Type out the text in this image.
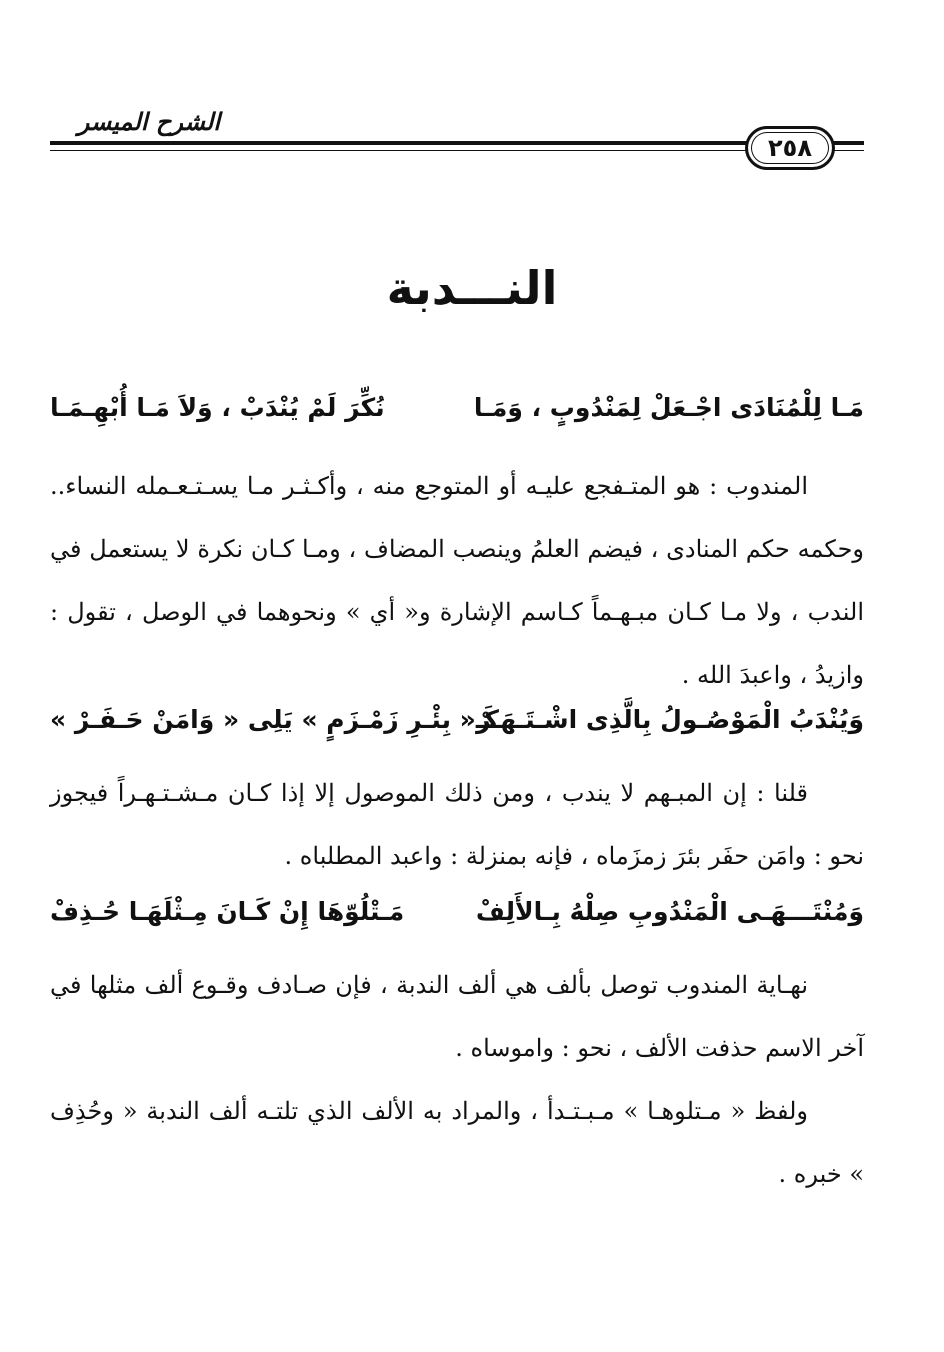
الشرح الميسر
٢٥٨
النـــدبة
مَـا لِلْمُنَادَى اجْـعَلْ لِمَنْدُوبٍ ، وَمَـا
نُكِّرَ لَمْ يُنْدَبْ ، وَلاَ مَـا أُبْهِـمَـا

المندوب : هو المتـفجع عليـه أو المتوجع منه ، وأكـثـر مـا يسـتـعـمله النساء.. وحكمه حكم المنادى ، فيضم العلمُ وينصب المضاف ، ومـا كـان نكرة لا يستعمل في الندب ، ولا مـا كـان مبـهـماً كـاسم الإشارة و« أي » ونحوهما في الوصل ، تقول : وازيدُ ، واعبدَ الله .

وَيُنْدَبُ الْمَوْصُـولُ بِالَّذِى اشْـتَـهَـرْ
كَـ« بِئْـرِ زَمْـزَمٍ » يَلِى « وَامَنْ حَـفَـرْ »

قلنا : إن المبـهم لا يندب ، ومن ذلك الموصول إلا إذا كـان مـشـتـهـراً فيجوز نحو : وامَن حفَر بئرَ زمزَماه ، فإنه بمنزلة : واعبد المطلباه .

وَمُنْتَـــهَـى الْمَنْدُوبِ صِلْهُ بِـالأَلِفْ
مَـتْلُوّهَا إِنْ كَـانَ مِـثْلَهَـا حُـذِفْ

نهـاية المندوب توصل بألف هي ألف الندبة ، فإن صـادف وقـوع ألف مثلها في آخر الاسم حذفت الألف ، نحو : واموساه .

ولفظ « مـتلوهـا » مـبـتـدأ ، والمراد به الألف الذي تلتـه ألف الندبة « وحُذِف » خبره .
